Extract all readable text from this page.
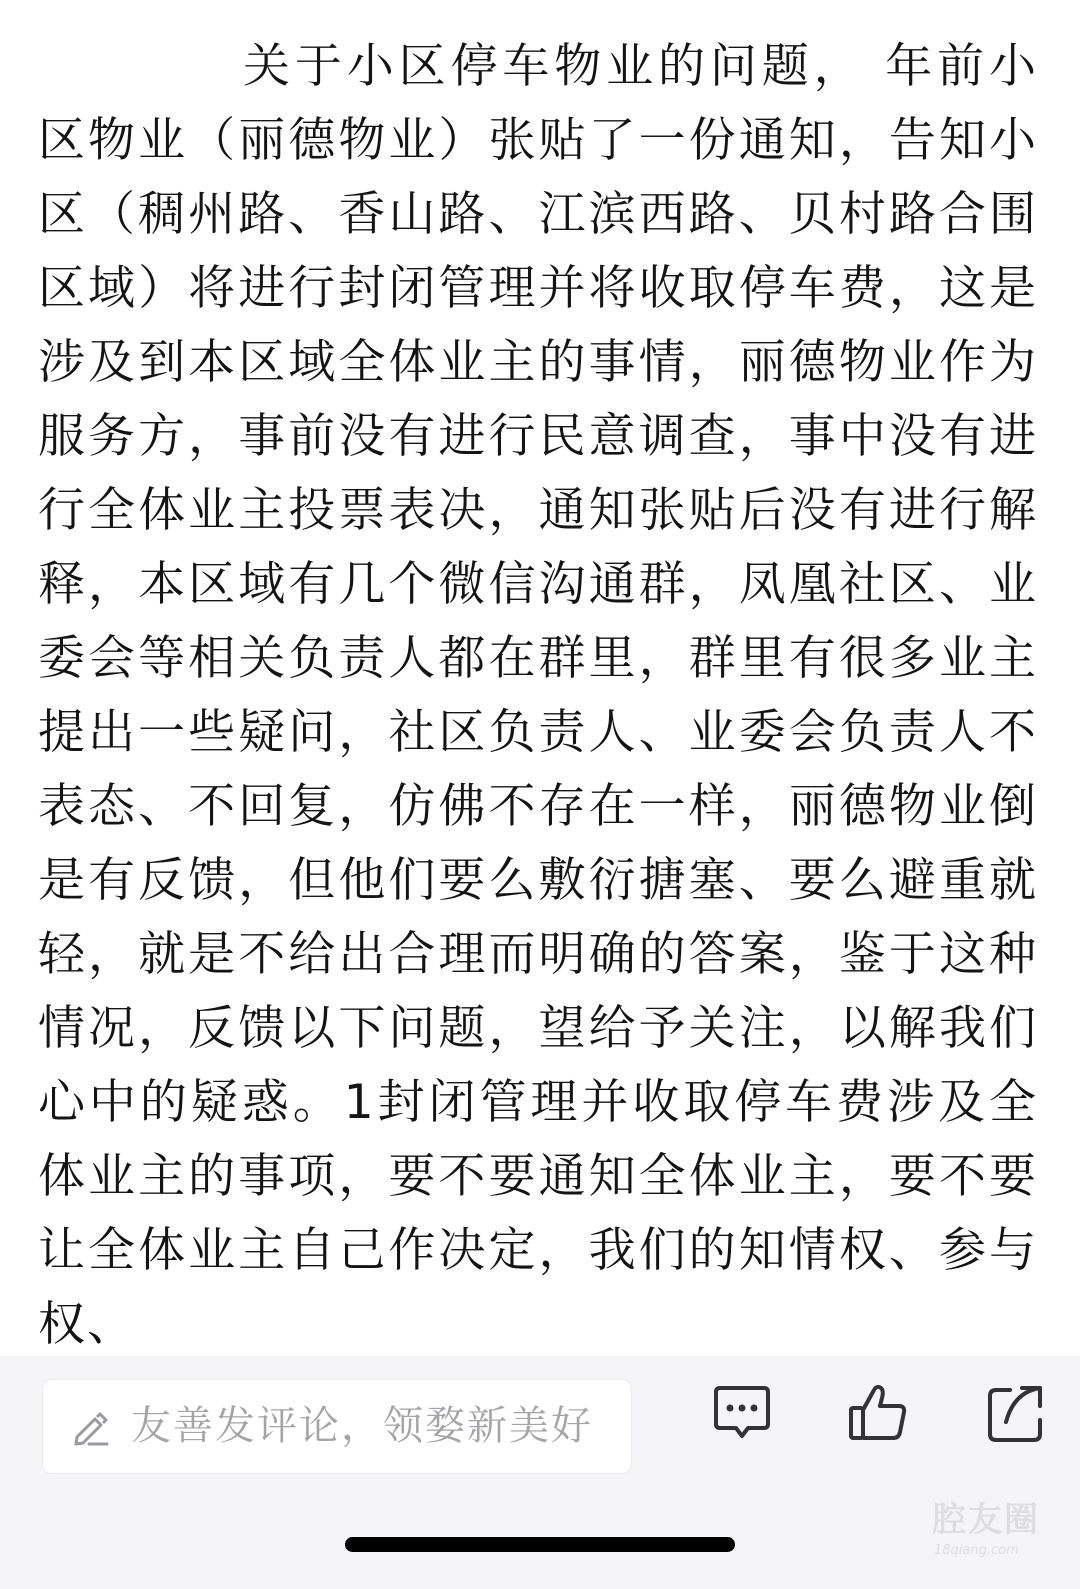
关于小区停车物业的问题， 年前小区物业（丽德物业）张贴了一份通知，告知小区（稠州路、香山路、江滨西路、贝村路合围区域）将进行封闭管理并将收取停车费，这是涉及到本区域全体业主的事情，丽德物业作为服务方，事前没有进行民意调查，事中没有进行全体业主投票表决，通知张贴后没有进行解释，本区域有几个微信沟通群，凤凰社区、业委会等相关负责人都在群里，群里有很多业主提出一些疑问，社区负责人、业委会负责人不表态、不回复，仿佛不存在一样，丽德物业倒是有反馈，但他们要么敷衍搪塞、要么避重就轻，就是不给出合理而明确的答案，鉴于这种情况，反馈以下问题，望给予关注，以解我们心中的疑惑。1封闭管理并收取停车费涉及全体业主的事项，要不要通知全体业主，要不要让全体业主自己作决定，我们的知情权、参与权、

友善发评论，领婺新美好
腔友圈
18qiang.com
